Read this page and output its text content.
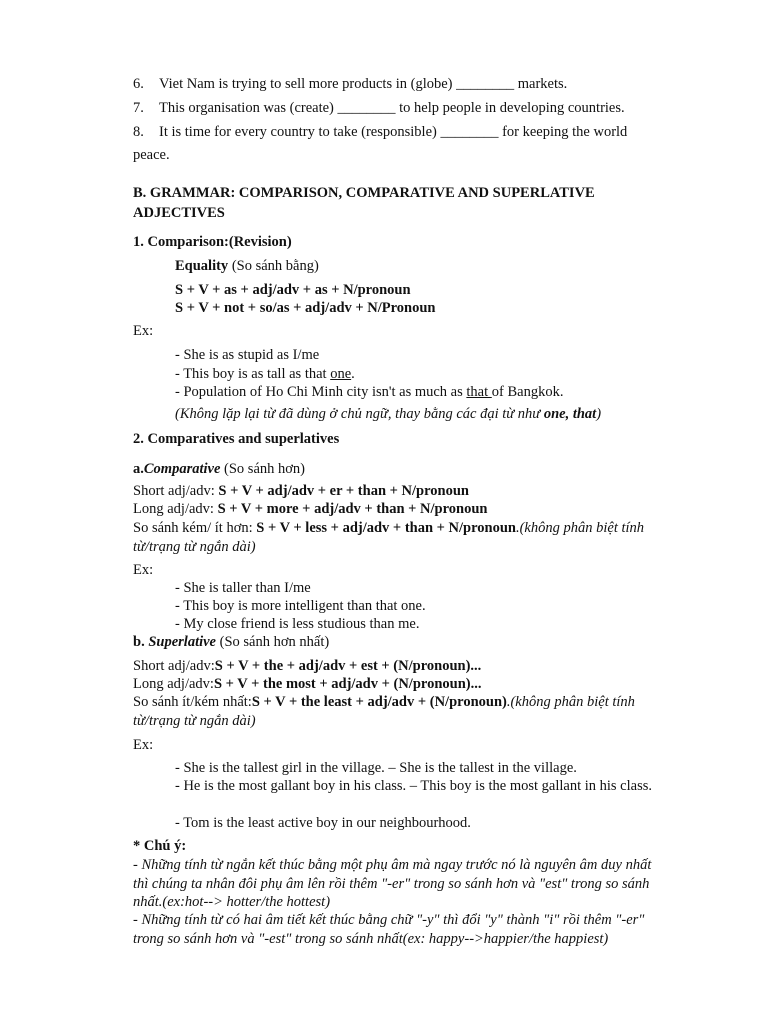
6. Viet Nam is trying to sell more products in (globe) ________ markets.
7. This organisation was (create) ________ to help people in developing countries.
8. It is time for every country to take (responsible) ________ for keeping the world
peace.
B. GRAMMAR: COMPARISON, COMPARATIVE AND SUPERLATIVE
ADJECTIVES
1. Comparison:(Revision)
Equality (So sánh bằng)
S + V + as + adj/adv + as + N/pronoun
S + V + not + so/as + adj/adv + N/Pronoun
Ex:
- She is as stupid as I/me
- This boy is as tall as that one.
- Population of Ho Chi Minh city isn't as much as that of Bangkok.
(Không lặp lại từ đã dùng ở chủ ngữ, thay bằng các đại từ như one, that)
2. Comparatives and superlatives
a.Comparative (So sánh hơn)
Short adj/adv: S + V + adj/adv + er + than + N/pronoun
Long adj/adv: S + V + more + adj/adv + than + N/pronoun
So sánh kém/ ít hơn: S + V + less + adj/adv + than + N/pronoun.(không phân biệt tính từ/trạng từ ngắn dài)
Ex:
- She is taller than I/me
- This boy is more intelligent than that one.
- My close friend is less studious than me.
b. Superlative (So sánh hơn nhất)
Short adj/adv:S + V + the + adj/adv + est + (N/pronoun)...
Long adj/adv:S + V + the most + adj/adv + (N/pronoun)...
So sánh ít/kém nhất:S + V + the least + adj/adv + (N/pronoun).(không phân biệt tính từ/trạng từ ngắn dài)
Ex:
- She is the tallest girl in the village. – She is the tallest in the village.
- He is the most gallant boy in his class. – This boy is the most gallant in his class.
- Tom is the least active boy in our neighbourhood.
* Chú ý:
- Những tính từ ngắn kết thúc bằng một phụ âm mà ngay trước nó là nguyên âm duy nhất thì chúng ta nhân đôi phụ âm lên rồi thêm "-er" trong so sánh hơn và "est" trong so sánh nhất.(ex:hot--> hotter/the hottest)
- Những tính từ có hai âm tiết kết thúc bằng chữ "-y" thì đổi "y" thành "i" rồi thêm "-er" trong so sánh hơn và "-est" trong so sánh nhất(ex: happy-->happier/the happiest)
